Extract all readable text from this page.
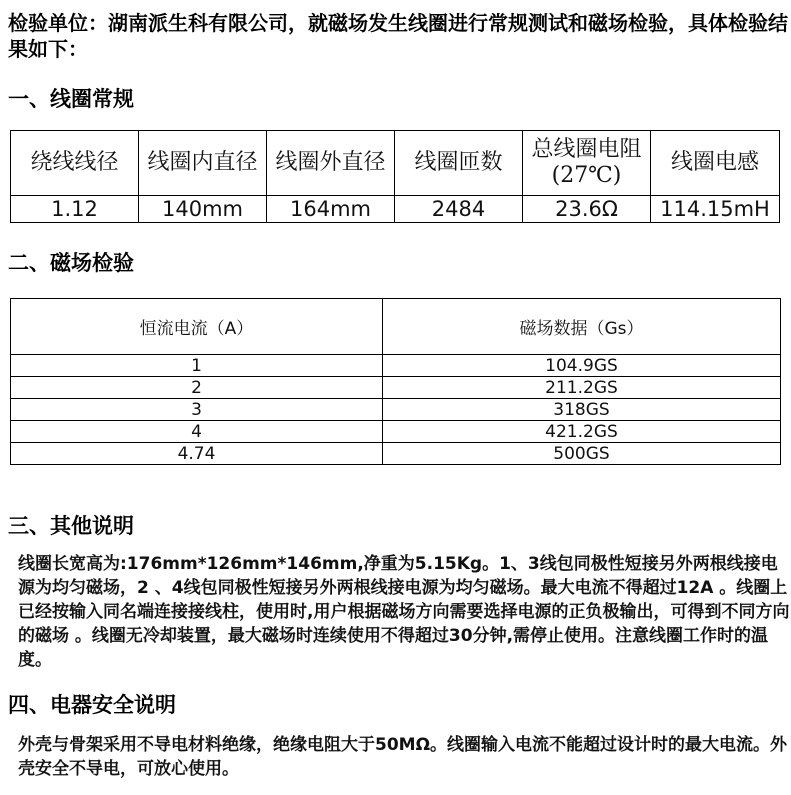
检验单位：湖南派生科有限公司，就磁场发生线圈进行常规测试和磁场检验，具体检验结果如下：

一、线圈常规
绕线线径	线圈内直径	线圈外直径	线圈匝数	总线圈电阻(27℃)	线圈电感
1.12	140mm	164mm	2484	23.6Ω	114.15mH
二、磁场检验
恒流电流（A）	磁场数据（Gs）
1	104.9GS
2	211.2GS
3	318GS
4	421.2GS
4.74	500GS
三、其他说明

线圈长宽高为:176mm*126mm*146mm,净重为5.15Kg。1、3线包同极性短接另外两根线接电源为均匀磁场，2 、4线包同极性短接另外两根线接电源为均匀磁场。最大电流不得超过12A 。线圈上已经按输入同名端连接接线柱，使用时,用户根据磁场方向需要选择电源的正负极输出，可得到不同方向的磁场 。线圈无冷却装置，最大磁场时连续使用不得超过30分钟,需停止使用。注意线圈工作时的温度。

四、电器安全说明

外壳与骨架采用不导电材料绝缘，绝缘电阻大于50MΩ。线圈输入电流不能超过设计时的最大电流。外壳安全不导电，可放心使用。
